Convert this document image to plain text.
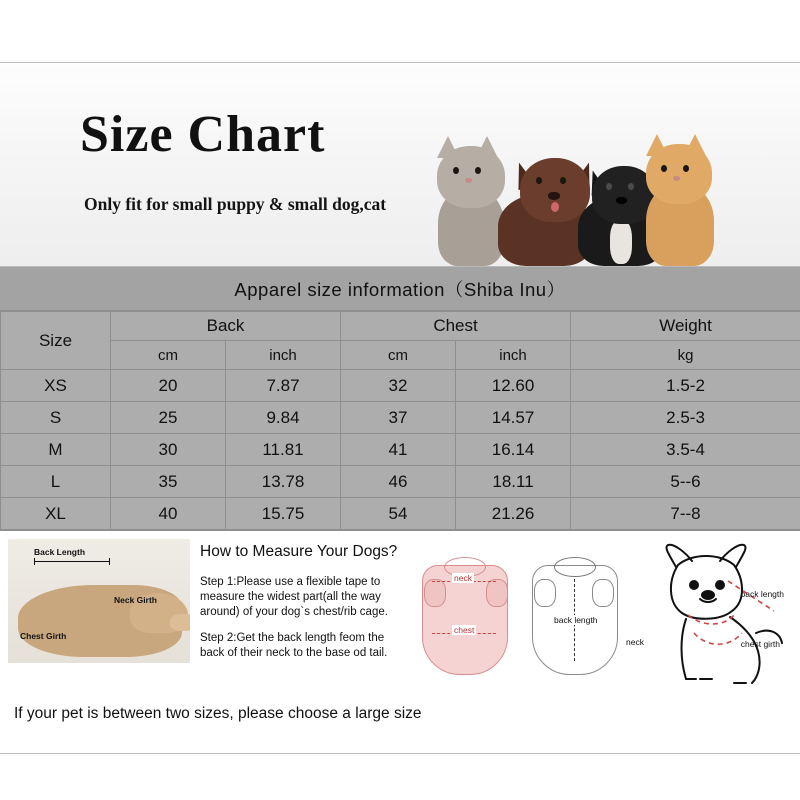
Size Chart
Only fit for small puppy & small dog,cat
Apparel size information（Shiba Inu）
Size	Back		Chest		Weight
	cm	inch	cm	inch	kg
XS	20	7.87	32	12.60	1.5-2
S	25	9.84	37	14.57	2.5-3
M	30	11.81	41	16.14	3.5-4
L	35	13.78	46	18.11	5--6
XL	40	15.75	54	21.26	7--8
Back Length
Neck Girth
Chest Girth
How to Measure Your Dogs?
Step 1:Please use a flexible tape to measure the widest part(all the way around) of your dog`s chest/rib cage.
Step 2:Get the back length feom the back of their neck to the base od tail.
neck
chest
back length
neck
back length
chest girth
If your pet is between two sizes, please choose a large size
